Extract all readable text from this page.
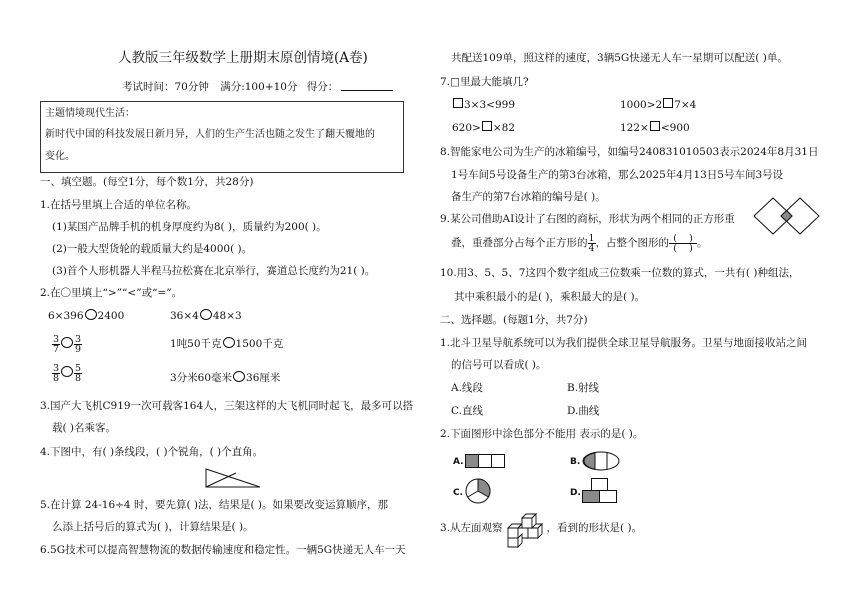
人教版三年级数学上册期末原创情境(A卷)
考试时间：70分钟 满分:100+10分 得分：
主题情境现代生活：
新时代中国的科技发展日新月异，人们的生产生活也随之发生了翻天覆地的
变化。
一、填空题。(每空1分，每个数1分，共28分)
1.在括号里填上合适的单位名称。
(1)某国产品牌手机的机身厚度约为8( )，质量约为200( )。
(2)一般大型货轮的载质量大约是4000( )。
(3)首个人形机器人半程马拉松赛在北京举行，赛道总长度约为21( )。
2.在〇里填上“>”“<”或“=”。
6×396 2400	36×4 48×3
$\frac{3}{7} \frac{3}{9}$	1吨50千克 1500千克
$\frac{3}{8} \frac{5}{8}$	3分米60毫米 36厘米
3.国产大飞机C919一次可载客164人，三架这样的大飞机同时起飞，最多可以搭
载( )名乘客。
4.下图中，有( )条线段，( )个锐角，( )个直角。
5.在计算 24-16÷4 时，要先算( )法，结果是( )。如果要改变运算顺序，那
么添上括号后的算式为( )，计算结果是( )。
6.5G技术可以提高智慧物流的数据传输速度和稳定性。一辆5G快递无人车一天
共配送109单，照这样的速度，3辆5G快递无人车一星期可以配送( )单。
7.□里最大能填几?
3×3<999	1000>2 7×4
620> ×82	122× <900
8.智能家电公司为生产的冰箱编号，如编号240831010503表示2024年8月31日
1号车间5号设备生产的第3台冰箱，那么2025年4月13日5号车间3号设
备生产的第7台冰箱的编号是( )。
9.某公司借助AI设计了右图的商标，形状为两个相同的正方形重
叠，重叠部分占每个正方形的 $\frac{1}{4}$ ，占整个图形的 $\frac{( )}{( )}$ 。
10.用3、5、5、7这四个数字组成三位数乘一位数的算式，一共有( )种组法，
其中乘积最小的是( )，乘积最大的是( )。
二、选择题。(每题1分，共7分)
1.北斗卫星导航系统可以为我们提供全球卫星导航服务。卫星与地面接收站之间
的信号可以看成( )。
A.线段	B.射线
C.直线	D.曲线
2.下面图形中涂色部分不能用 表示的是( )。
A.	B.
C.	D.
3.从左面观察	，看到的形状是( )。
